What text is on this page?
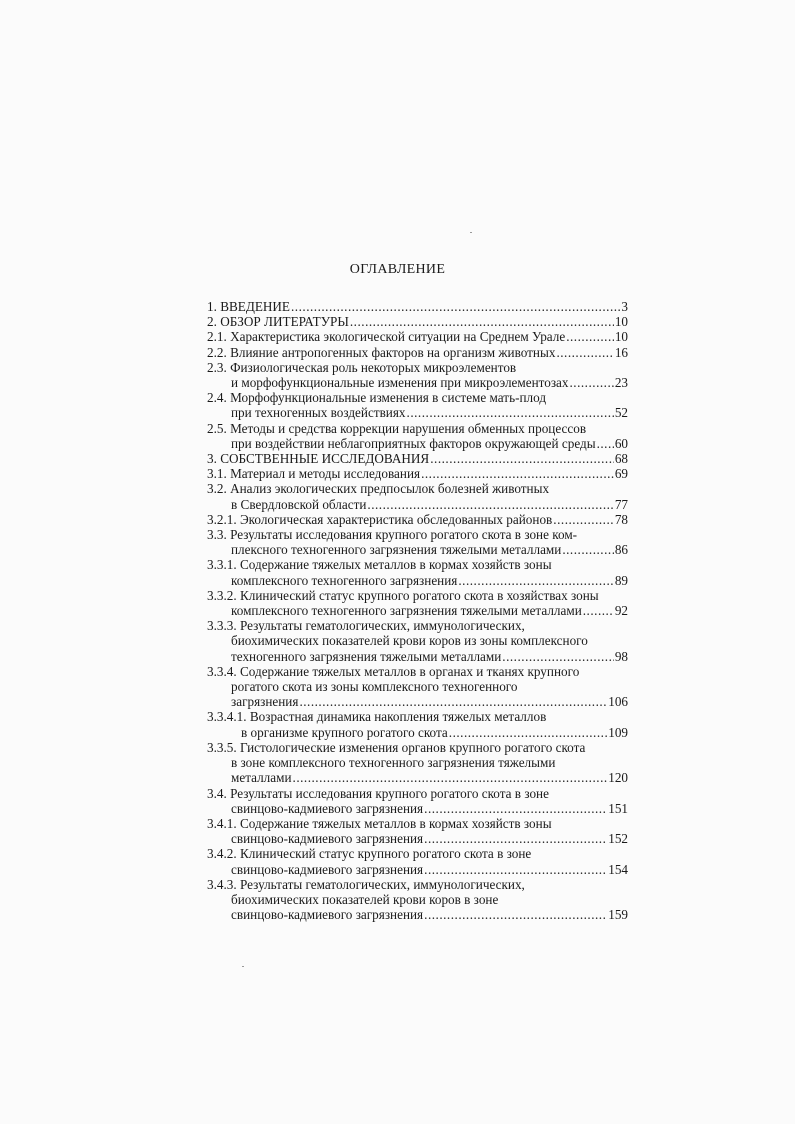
ОГЛАВЛЕНИЕ
1. ВВЕДЕНИЕ .....	3
2. ОБЗОР ЛИТЕРАТУРЫ .....	10
2.1. Характеристика экологической ситуации на Среднем Урале .....	10
2.2. Влияние антропогенных факторов на организм животных .....	16
2.3. Физиологическая роль некоторых микроэлементов
и морфофункциональные изменения при микроэлементозах .....	23
2.4. Морфофункциональные изменения в системе мать-плод
при техногенных воздействиях .....	52
2.5. Методы и средства коррекции нарушения обменных процессов
при воздействии неблагоприятных факторов окружающей среды ..... 60
3. СОБСТВЕННЫЕ ИССЛЕДОВАНИЯ .....	68
3.1. Материал и методы исследования .....	69
3.2. Анализ экологических предпосылок болезней животных
в Свердловской области .....	77
3.2.1. Экологическая характеристика обследованных районов .....	78
3.3. Результаты исследования крупного рогатого скота в зоне ком-
плексного техногенного загрязнения тяжелыми металлами .....	86
3.3.1. Содержание тяжелых металлов в кормах хозяйств зоны
комплексного техногенного загрязнения .....	89
3.3.2. Клинический статус крупного рогатого скота в хозяйствах зоны
комплексного техногенного загрязнения тяжелыми металлами .....	92
3.3.3. Результаты гематологических, иммунологических,
биохимических показателей крови коров из зоны комплексного
техногенного загрязнения тяжелыми металлами .....	98
3.3.4. Содержание тяжелых металлов в органах и тканях крупного
рогатого скота из зоны комплексного техногенного
загрязнения .....	106
3.3.4.1. Возрастная динамика накопления тяжелых металлов
в организме крупного рогатого скота .....	109
3.3.5. Гистологические изменения органов крупного рогатого скота
в зоне комплексного техногенного загрязнения тяжелыми
металлами .....	120
3.4. Результаты исследования крупного рогатого скота в зоне
свинцово-кадмиевого загрязнения .....	151
3.4.1. Содержание тяжелых металлов в кормах хозяйств зоны
свинцово-кадмиевого загрязнения .....	152
3.4.2. Клинический статус крупного рогатого скота в зоне
свинцово-кадмиевого загрязнения .....	154
3.4.3. Результаты гематологических, иммунологических,
биохимических показателей крови коров в зоне
свинцово-кадмиевого загрязнения .....	159
